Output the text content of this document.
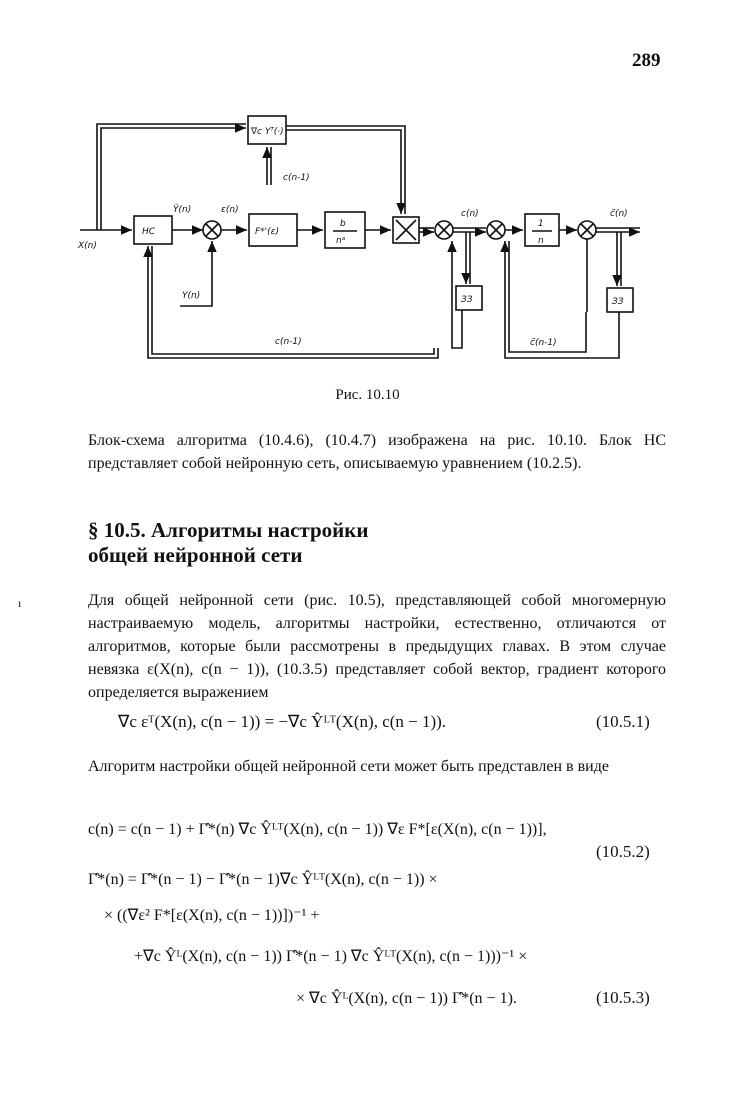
289
X(n)
НС
Ŷ(n)	ε(n)
F*'(ε)
b
nᵃ
∇c Yᵀ(·)
c(n-1)
Y(n)
c(n)
1
n
c̃(n)
ЗЗ	ЗЗ
c(n-1)	c̃(n-1)
Рис. 10.10

Блок-схема алгоритма (10.4.6), (10.4.7) изображена на рис. 10.10. Блок НС представляет собой нейронную сеть, описываемую уравнением (10.2.5).

§ 10.5. Алгоритмы настройки
общей нейронной сети
ı	Для общей нейронной сети (рис. 10.5), представляющей собой многомерную настраиваемую модель, алгоритмы настройки, естественно, отличаются от алгоритмов, которые были рассмотрены в предыдущих главах. В этом случае невязка ε(X(n), c(n − 1)), (10.3.5) представляет собой вектор, градиент которого определяется выражением

∇c εᵀ(X(n), c(n − 1)) = −∇c Ŷᴸᵀ(X(n), c(n − 1)).	(10.5.1)

Алгоритм настройки общей нейронной сети может быть представлен в виде

c(n) = c(n − 1) + Γ̂*(n) ∇c Ŷᴸᵀ(X(n), c(n − 1)) ∇ε F*[ε(X(n), c(n − 1))],
(10.5.2)
Γ̂*(n) = Γ̂*(n − 1) − Γ̂*(n − 1)∇c Ŷᴸᵀ(X(n), c(n − 1)) ×
× ((∇ε² F*[ε(X(n), c(n − 1))])⁻¹ +
+∇c Ŷᴸ(X(n), c(n − 1)) Γ̂*(n − 1) ∇c Ŷᴸᵀ(X(n), c(n − 1)))⁻¹ ×
× ∇c Ŷᴸ(X(n), c(n − 1)) Γ̂*(n − 1).	(10.5.3)
